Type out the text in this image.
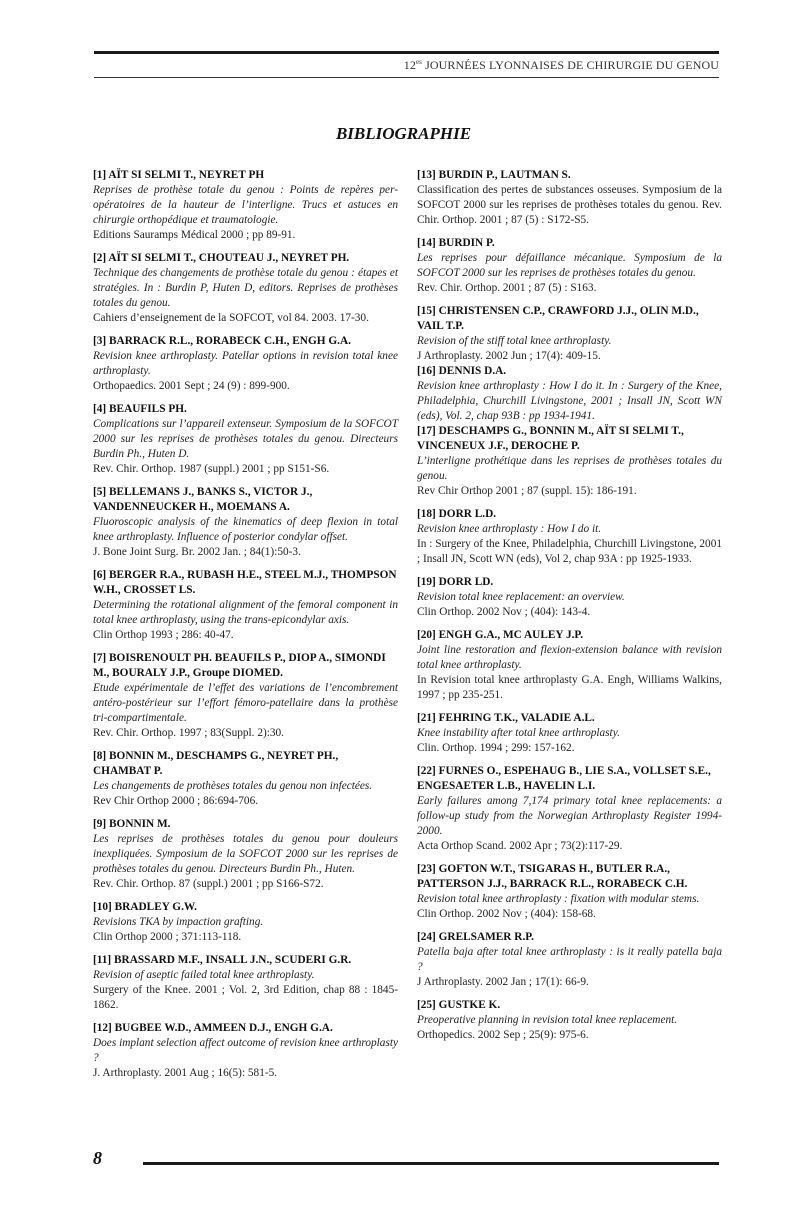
$12^{es}$ JOURNÉES LYONNAISES DE CHIRURGIE DU GENOU
BIBLIOGRAPHIE
[1] AÏT SI SELMI T., NEYRET PH
Reprises de prothèse totale du genou : Points de repères per-opératoires de la hauteur de l’interligne. Trucs et astuces en chirurgie orthopédique et traumatologie.
Editions Sauramps Médical 2000 ; pp 89-91.
[2] AÏT SI SELMI T., CHOUTEAU J., NEYRET PH.
Technique des changements de prothèse totale du genou : étapes et stratégies. In : Burdin P, Huten D, editors. Reprises de prothèses totales du genou.
Cahiers d’enseignement de la SOFCOT, vol 84. 2003. 17-30.
[3] BARRACK R.L., RORABECK C.H., ENGH G.A.
Revision knee arthroplasty. Patellar options in revision total knee arthroplasty.
Orthopaedics. 2001 Sept ; 24 (9) : 899-900.
[4] BEAUFILS PH.
Complications sur l’appareil extenseur. Symposium de la SOFCOT 2000 sur les reprises de prothèses totales du genou. Directeurs Burdin Ph., Huten D.
Rev. Chir. Orthop. 1987 (suppl.) 2001 ; pp S151-S6.
[5] BELLEMANS J., BANKS S., VICTOR J., VANDENNEUCKER H., MOEMANS A.
Fluoroscopic analysis of the kinematics of deep flexion in total knee arthroplasty. Influence of posterior condylar offset.
J. Bone Joint Surg. Br. 2002 Jan. ; 84(1):50-3.
[6] BERGER R.A., RUBASH H.E., STEEL M.J., THOMPSON W.H., CROSSET LS.
Determining the rotational alignment of the femoral component in total knee arthroplasty, using the trans-epicondylar axis.
Clin Orthop 1993 ; 286: 40-47.
[7] BOISRENOULT PH. BEAUFILS P., DIOP A., SIMONDI M., BOURALY J.P., Groupe DIOMED.
Etude expérimentale de l’effet des variations de l’encombrement antéro-postérieur sur l’effort fémoro-patellaire dans la prothèse tri-compartimentale.
Rev. Chir. Orthop. 1997 ; 83(Suppl. 2):30.
[8] BONNIN M., DESCHAMPS G., NEYRET PH., CHAMBAT P.
Les changements de prothèses totales du genou non infectées.
Rev Chir Orthop 2000 ; 86:694-706.
[9] BONNIN M.
Les reprises de prothèses totales du genou pour douleurs inexpliquées. Symposium de la SOFCOT 2000 sur les reprises de prothèses totales du genou. Directeurs Burdin Ph., Huten.
Rev. Chir. Orthop. 87 (suppl.) 2001 ; pp S166-S72.
[10] BRADLEY G.W.
Revisions TKA by impaction grafting.
Clin Orthop 2000 ; 371:113-118.
[11] BRASSARD M.F., INSALL J.N., SCUDERI G.R.
Revision of aseptic failed total knee arthroplasty.
Surgery of the Knee. 2001 ; Vol. 2, 3rd Edition, chap 88 : 1845-1862.
[12] BUGBEE W.D., AMMEEN D.J., ENGH G.A.
Does implant selection affect outcome of revision knee arthroplasty ?
J. Arthroplasty. 2001 Aug ; 16(5): 581-5.
[13] BURDIN P., LAUTMAN S.
Classification des pertes de substances osseuses. Symposium de la SOFCOT 2000 sur les reprises de prothèses totales du genou. Rev. Chir. Orthop. 2001 ; 87 (5) : S172-S5.
[14] BURDIN P.
Les reprises pour défaillance mécanique. Symposium de la SOFCOT 2000 sur les reprises de prothèses totales du genou.
Rev. Chir. Orthop. 2001 ; 87 (5) : S163.
[15] CHRISTENSEN C.P., CRAWFORD J.J., OLIN M.D., VAIL T.P.
Revision of the stiff total knee arthroplasty.
J Arthroplasty. 2002 Jun ; 17(4): 409-15.
[16] DENNIS D.A.
Revision knee arthroplasty : How I do it. In : Surgery of the Knee, Philadelphia, Churchill Livingstone, 2001 ; Insall JN, Scott WN (eds), Vol. 2, chap 93B : pp 1934-1941.
[17] DESCHAMPS G., BONNIN M., AÏT SI SELMI T., VINCENEUX J.F., DEROCHE P.
L’interligne prothétique dans les reprises de prothèses totales du genou.
Rev Chir Orthop 2001 ; 87 (suppl. 15): 186-191.
[18] DORR L.D.
Revision knee arthroplasty : How I do it.
In : Surgery of the Knee, Philadelphia, Churchill Livingstone, 2001 ; Insall JN, Scott WN (eds), Vol 2, chap 93A : pp 1925-1933.
[19] DORR LD.
Revision total knee replacement: an overview.
Clin Orthop. 2002 Nov ; (404): 143-4.
[20] ENGH G.A., MC AULEY J.P.
Joint line restoration and flexion-extension balance with revision total knee arthroplasty.
In Revision total knee arthroplasty G.A. Engh, Williams Walkins, 1997 ; pp 235-251.
[21] FEHRING T.K., VALADIE A.L.
Knee instability after total knee arthroplasty.
Clin. Orthop. 1994 ; 299: 157-162.
[22] FURNES O., ESPEHAUG B., LIE S.A., VOLLSET S.E., ENGESAETER L.B., HAVELIN L.I.
Early failures among 7,174 primary total knee replacements: a follow-up study from the Norwegian Arthroplasty Register 1994-2000.
Acta Orthop Scand. 2002 Apr ; 73(2):117-29.
[23] GOFTON W.T., TSIGARAS H., BUTLER R.A., PATTERSON J.J., BARRACK R.L., RORABECK C.H.
Revision total knee arthroplasty : fixation with modular stems.
Clin Orthop. 2002 Nov ; (404): 158-68.
[24] GRELSAMER R.P.
Patella baja after total knee arthroplasty : is it really patella baja ?
J Arthroplasty. 2002 Jan ; 17(1): 66-9.
[25] GUSTKE K.
Preoperative planning in revision total knee replacement.
Orthopedics. 2002 Sep ; 25(9): 975-6.
8
